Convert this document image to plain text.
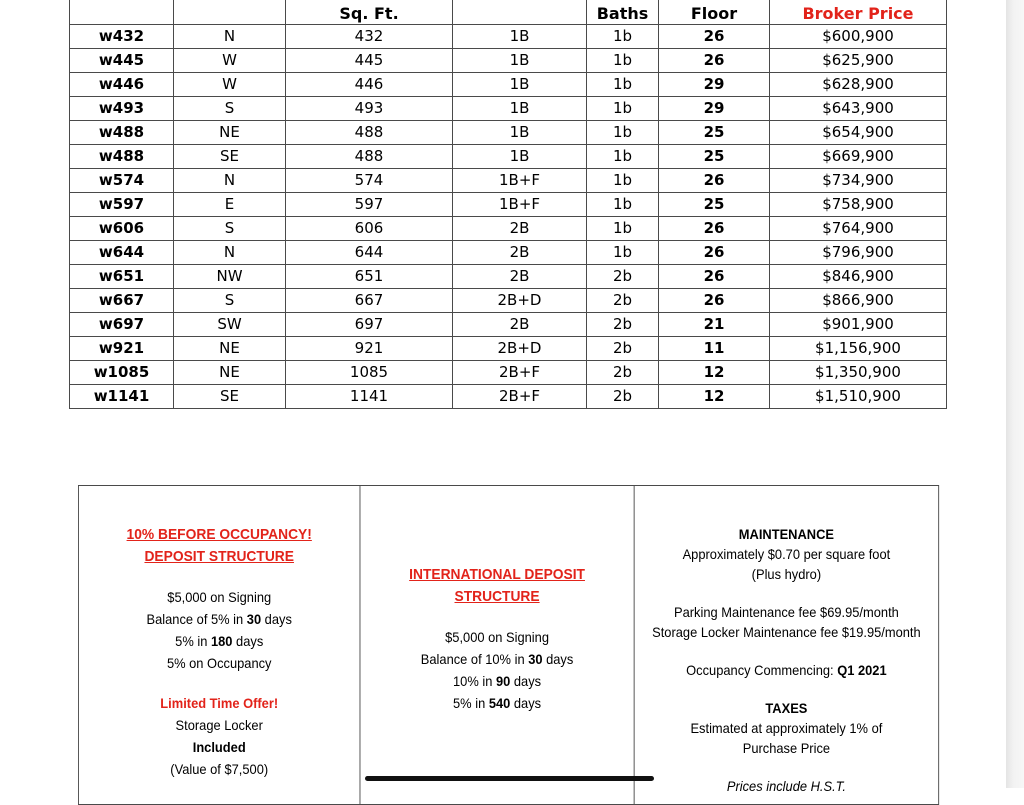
		Sq. Ft.		Baths	Floor	Broker Price
w432	N	432	1B	1b	26	$600,900
w445	W	445	1B	1b	26	$625,900
w446	W	446	1B	1b	29	$628,900
w493	S	493	1B	1b	29	$643,900
w488	NE	488	1B	1b	25	$654,900
w488	SE	488	1B	1b	25	$669,900
w574	N	574	1B+F	1b	26	$734,900
w597	E	597	1B+F	1b	25	$758,900
w606	S	606	2B	1b	26	$764,900
w644	N	644	2B	1b	26	$796,900
w651	NW	651	2B	2b	26	$846,900
w667	S	667	2B+D	2b	26	$866,900
w697	SW	697	2B	2b	21	$901,900
w921	NE	921	2B+D	2b	11	$1,156,900
w1085	NE	1085	2B+F	2b	12	$1,350,900
w1141	SE	1141	2B+F	2b	12	$1,510,900
10% BEFORE OCCUPANCY!
DEPOSIT STRUCTURE
$5,000 on Signing
Balance of 5% in 30 days
5% in 180 days
5% on Occupancy
Limited Time Offer!
Storage Locker
Included
(Value of $7,500)
INTERNATIONAL DEPOSIT
STRUCTURE
$5,000 on Signing
Balance of 10% in 30 days
10% in 90 days
5% in 540 days
MAINTENANCE
Approximately $0.70 per square foot
(Plus hydro)
Parking Maintenance fee $69.95/month
Storage Locker Maintenance fee $19.95/month
Occupancy Commencing: Q1 2021
TAXES
Estimated at approximately 1% of
Purchase Price
Prices include H.S.T.
